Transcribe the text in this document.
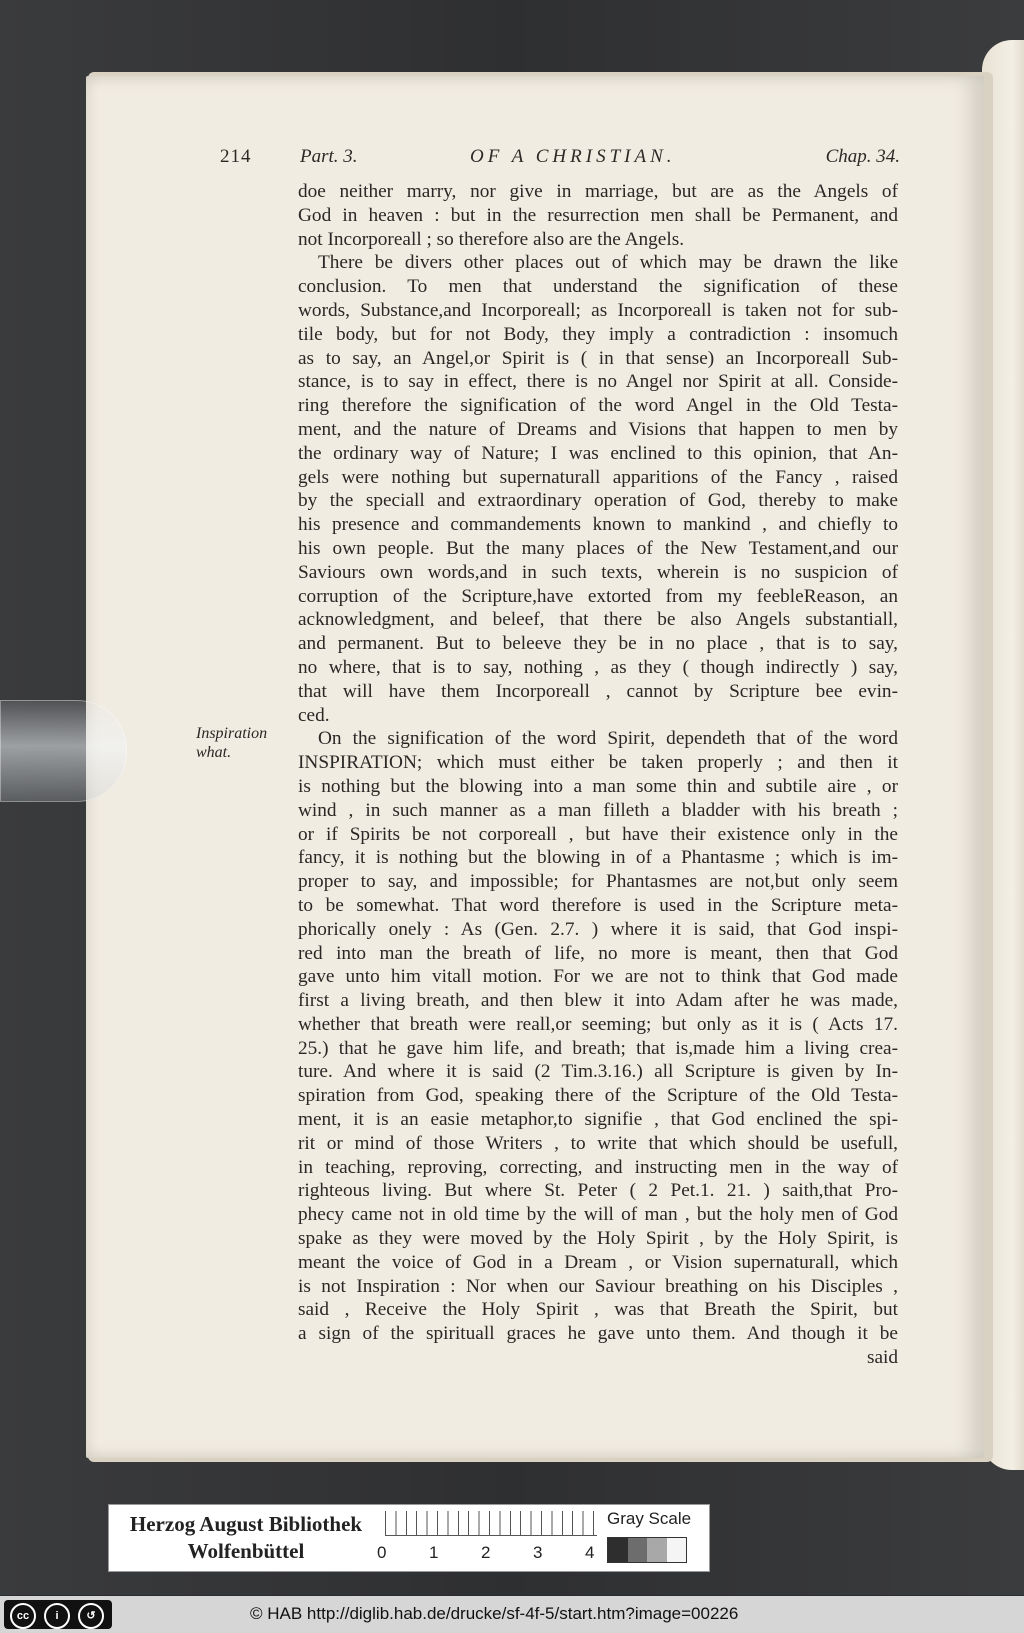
214	Part. 3.	OF A CHRISTIAN.	Chap. 34.
Inspiration
what.
doe neither marry, nor give in marriage, but are as the Angels of
God in heaven : but in the resurrection men shall be Permanent, and
not Incorporeall ; so therefore also are the Angels.
There be divers other places out of which may be drawn the like
conclusion. To men that understand the signification of these
words, Substance,and Incorporeall; as Incorporeall is taken not for sub-
tile body, but for not Body, they imply a contradiction : insomuch
as to say, an Angel,or Spirit is ( in that sense) an Incorporeall Sub-
stance, is to say in effect, there is no Angel nor Spirit at all. Conside-
ring therefore the signification of the word Angel in the Old Testa-
ment, and the nature of Dreams and Visions that happen to men by
the ordinary way of Nature; I was enclined to this opinion, that An-
gels were nothing but supernaturall apparitions of the Fancy , raised
by the speciall and extraordinary operation of God, thereby to make
his presence and commandements known to mankind , and chiefly to
his own people. But the many places of the New Testament,and our
Saviours own words,and in such texts, wherein is no suspicion of
corruption of the Scripture,have extorted from my feebleReason, an
acknowledgment, and beleef, that there be also Angels substantiall,
and permanent. But to beleeve they be in no place , that is to say,
no where, that is to say, nothing , as they ( though indirectly ) say,
that will have them Incorporeall , cannot by Scripture bee evin-
ced.
On the signification of the word Spirit, dependeth that of the word
INSPIRATION; which must either be taken properly ; and then it
is nothing but the blowing into a man some thin and subtile aire , or
wind , in such manner as a man filleth a bladder with his breath ;
or if Spirits be not corporeall , but have their existence only in the
fancy, it is nothing but the blowing in of a Phantasme ; which is im-
proper to say, and impossible; for Phantasmes are not,but only seem
to be somewhat. That word therefore is used in the Scripture meta-
phorically onely : As (Gen. 2.7. ) where it is said, that God inspi-
red into man the breath of life, no more is meant, then that God
gave unto him vitall motion. For we are not to think that God made
first a living breath, and then blew it into Adam after he was made,
whether that breath were reall,or seeming; but only as it is ( Acts 17.
25.) that he gave him life, and breath; that is,made him a living crea-
ture. And where it is said (2 Tim.3.16.) all Scripture is given by In-
spiration from God, speaking there of the Scripture of the Old Testa-
ment, it is an easie metaphor,to signifie , that God enclined the spi-
rit or mind of those Writers , to write that which should be usefull,
in teaching, reproving, correcting, and instructing men in the way of
righteous living. But where St. Peter ( 2 Pet.1. 21. ) saith,that Pro-
phecy came not in old time by the will of man , but the holy men of God
spake as they were moved by the Holy Spirit , by the Holy Spirit, is
meant the voice of God in a Dream , or Vision supernaturall, which
is not Inspiration : Nor when our Saviour breathing on his Disciples ,
said , Receive the Holy Spirit , was that Breath the Spirit, but
a sign of the spirituall graces he gave unto them. And though it be
said
Herzog August Bibliothek
Wolfenbüttel	0	1	2	3	4
Gray Scale
cc	i	↺	© HAB http://diglib.hab.de/drucke/sf-4f-5/start.htm?image=00226
